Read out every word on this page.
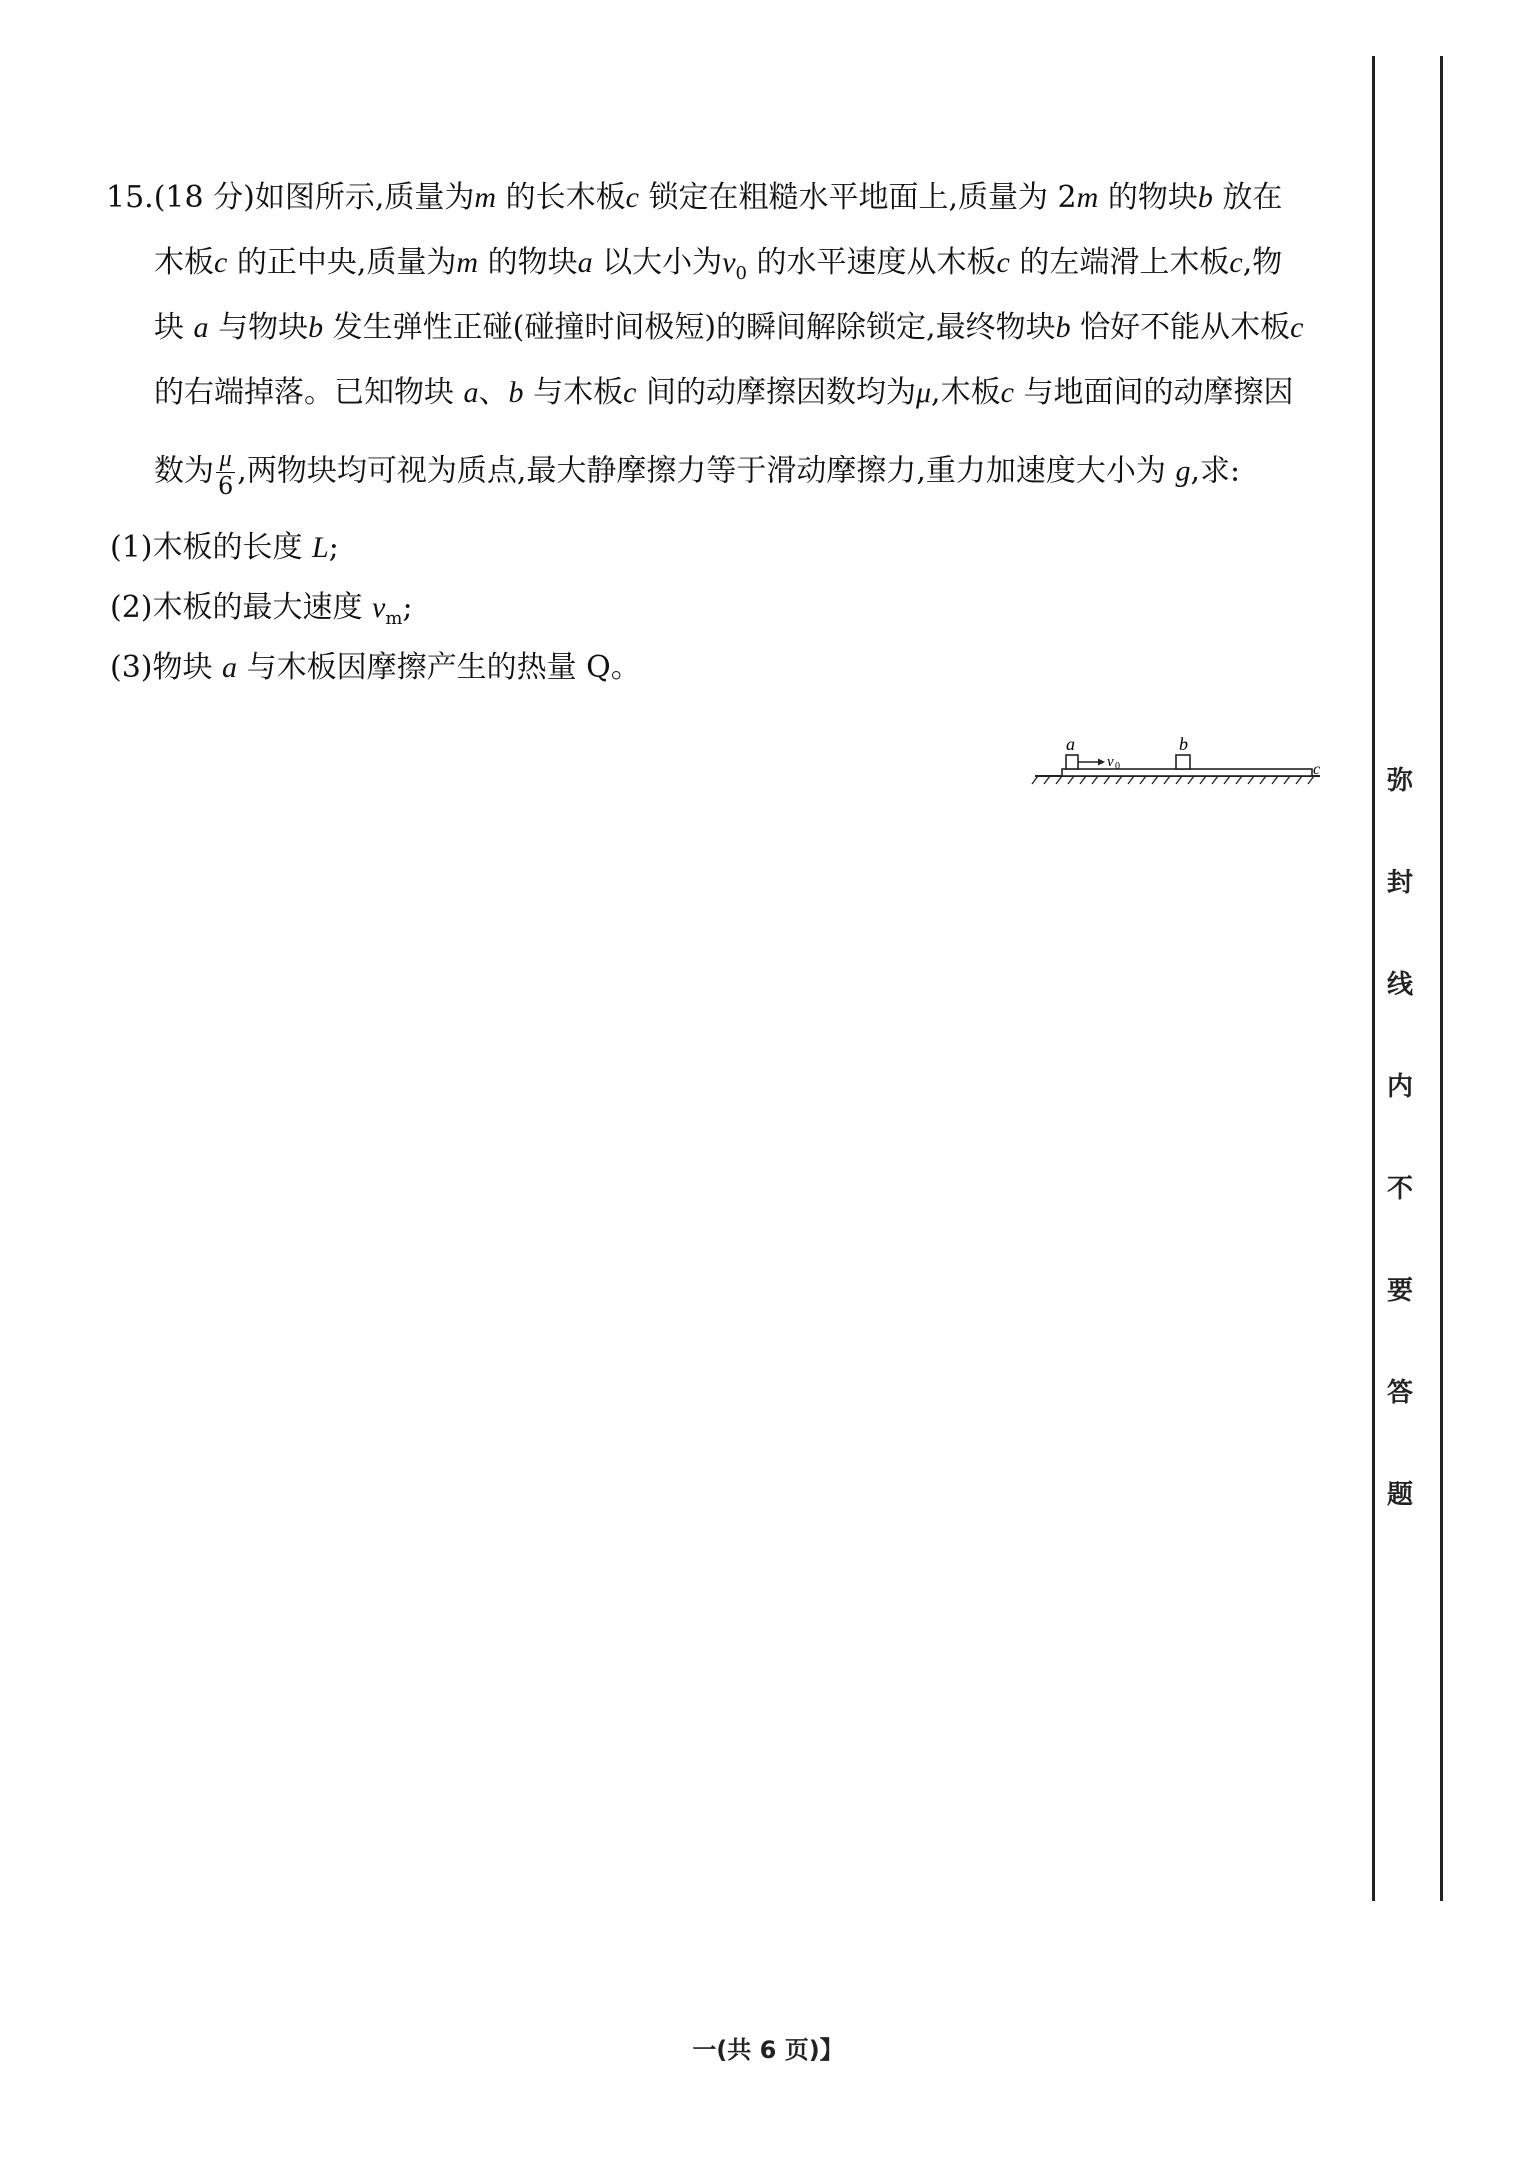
15.(18 分)如图所示,质量为m 的长木板c 锁定在粗糙水平地面上,质量为 2m 的物块b 放在
木板c 的正中央,质量为m 的物块a 以大小为$v_0$ 的水平速度从木板c 的左端滑上木板c,物
块 a 与物块b 发生弹性正碰(碰撞时间极短)的瞬间解除锁定,最终物块b 恰好不能从木板c
的右端掉落。已知物块 a、b 与木板c 间的动摩擦因数均为μ,木板c 与地面间的动摩擦因
数为 $\frac{\mu}{6}$ ,两物块均可视为质点,最大静摩擦力等于滑动摩擦力,重力加速度大小为 g,求:
(1)木板的长度 L;
(2)木板的最大速度 $v_m$;
(3)物块 a 与木板因摩擦产生的热量 Q。
a	b
c
v 0	弥
封
线
内
不
要
答
题
一(共 6 页)】
